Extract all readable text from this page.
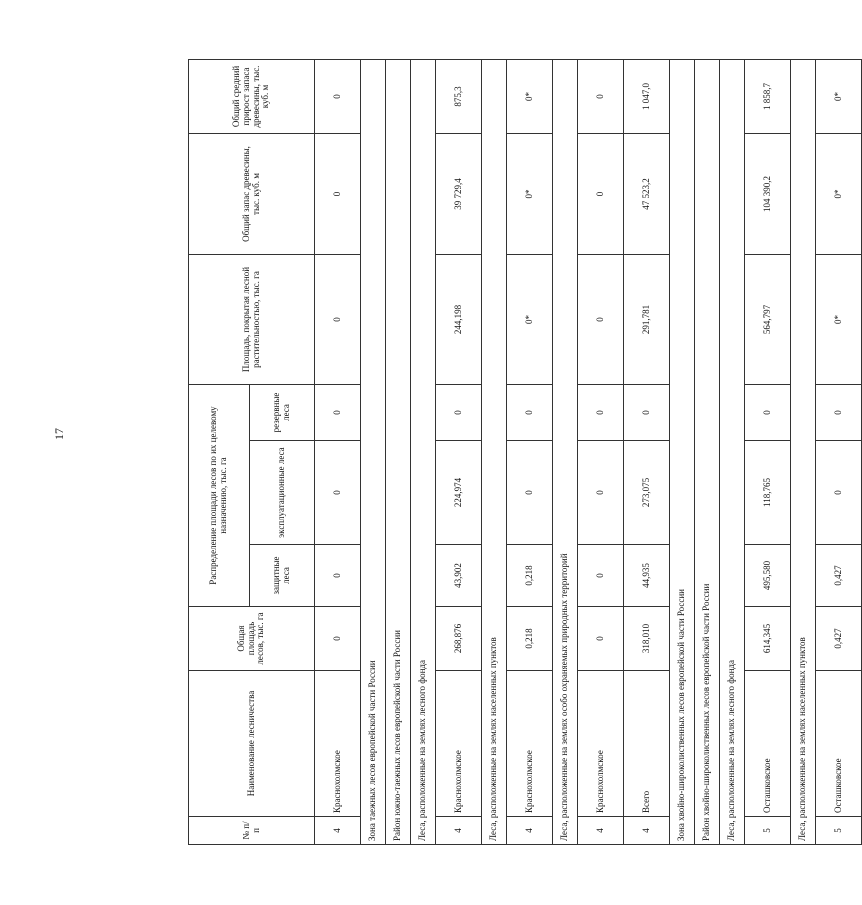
17
№ п/п	Наименование лесничества	Общая площадь лесов, тыс. га	Распределение площади лесов по их целевому назначению, тыс. га			Площадь, покрытая лесной растительностью, тыс. га	Общий запас древесины, тыс. куб. м	Общий средний прирост запаса древесины, тыс. куб. м
			защитные леса	эксплуатационные леса	резервные леса			
4	Краснохолмское	0	0	0	0	0	0	0
Зона таежных лесов европейской части России								
Район южно-таежных лесов европейской части России								
Леса, расположенные на землях лесного фонда								
4	Краснохолмское	268,876	43,902	224,974	0	244,198	39 729,4	875,3
Леса, расположенные на землях населенных пунктов								
4	Краснохолмское	0,218	0,218	0	0	0*	0*	0*
Леса, расположенные на землях особо охраняемых природных территорий								
4	Краснохолмское	0	0	0	0	0	0	0
4	Всего	318,010	44,935	273,075	0	291,781	47 523,2	1 047,0
Зона хвойно-широколиственных лесов европейской части России								
Район хвойно-широколиственных лесов европейской части России								
Леса, расположенные на землях лесного фонда								
5	Осташковское	614,345	495,580	118,765	0	564,797	104 390,2	1 858,7
Леса, расположенные на землях населенных пунктов								
5	Осташковское	0,427	0,427	0	0	0*	0*	0*
